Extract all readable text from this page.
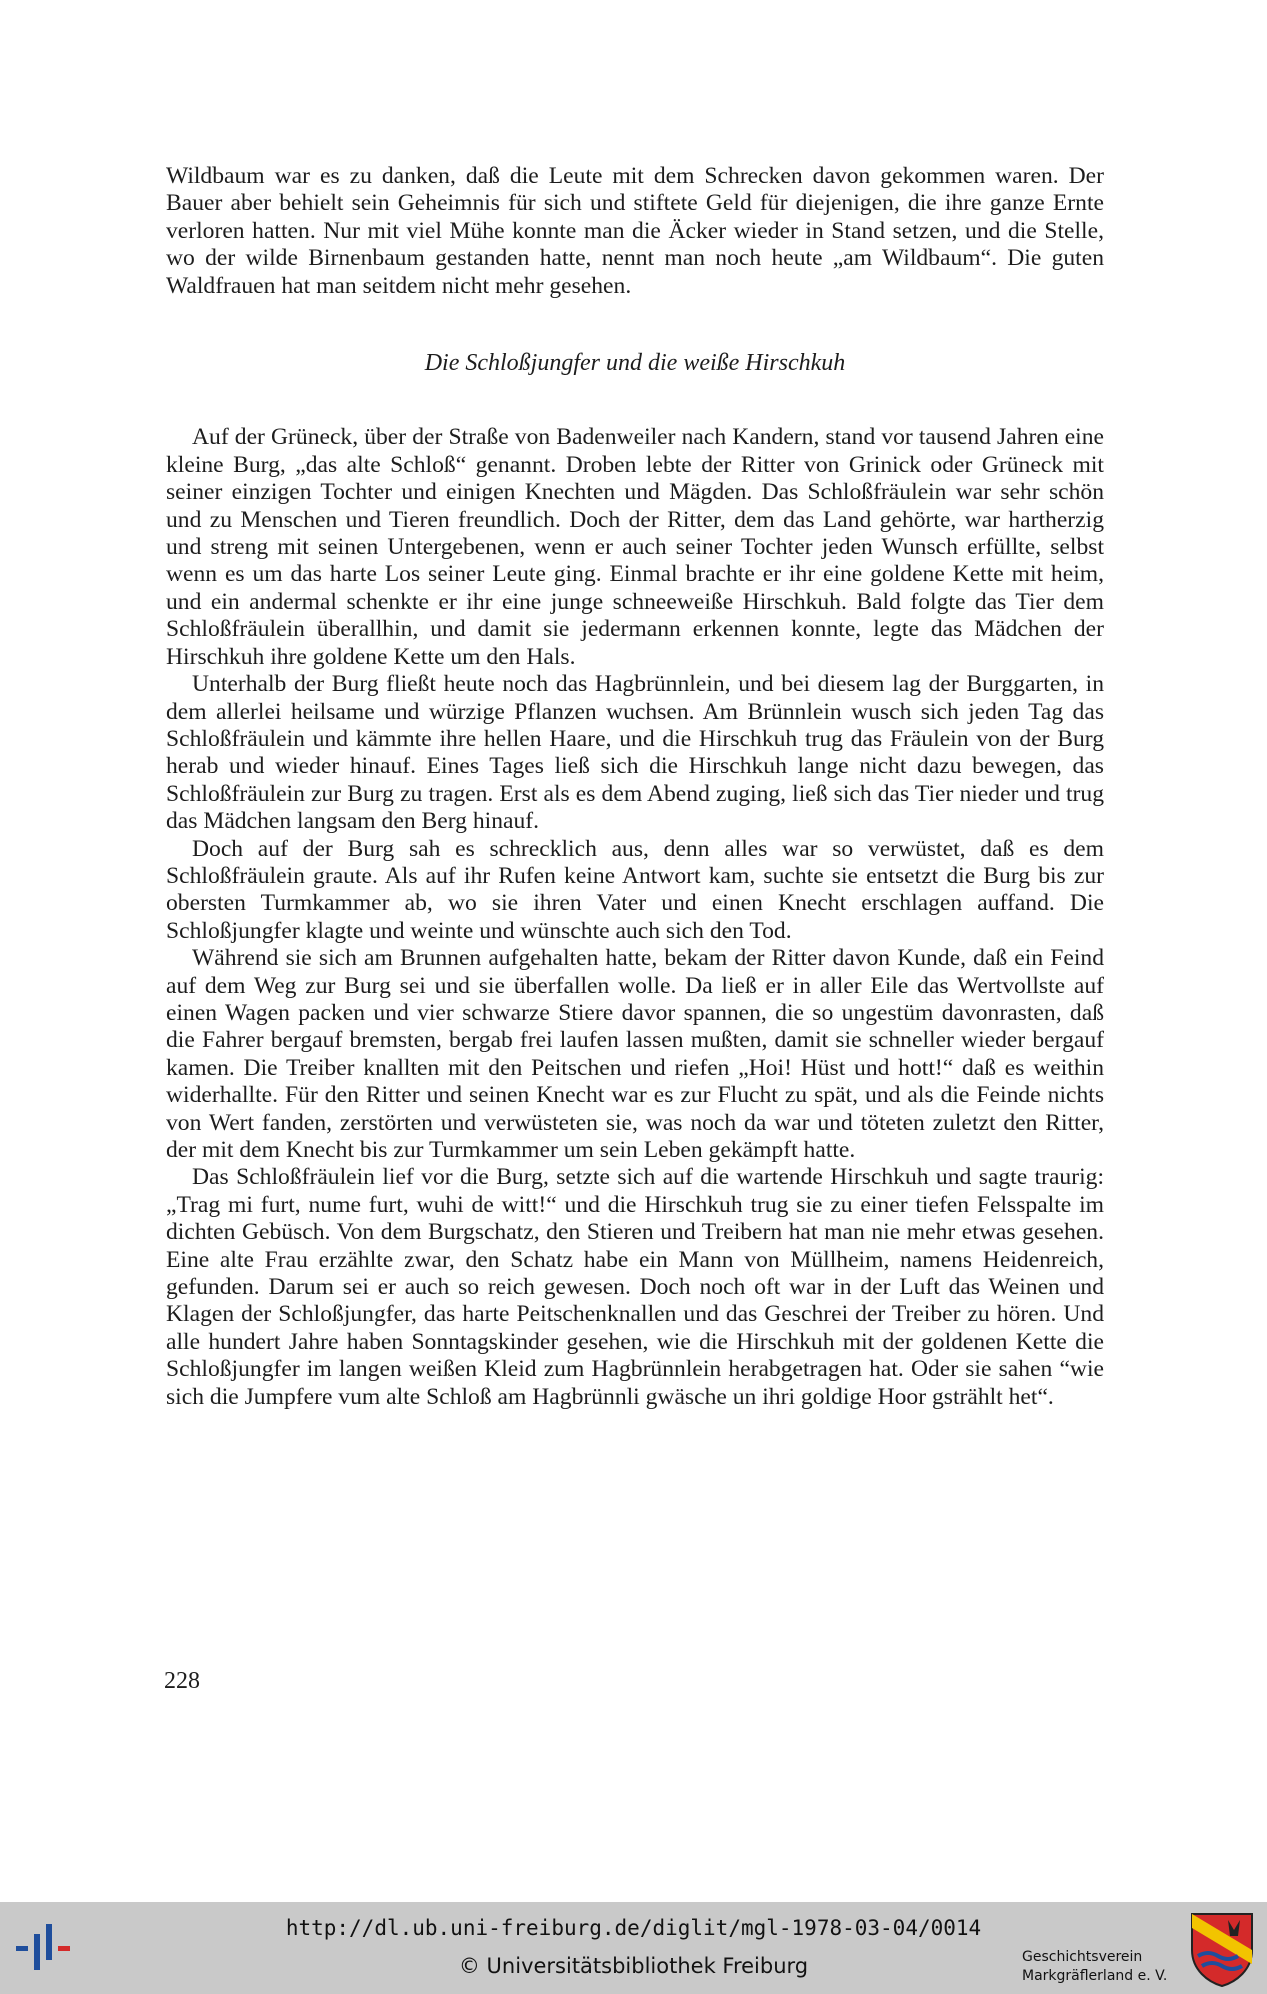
Wildbaum war es zu danken, daß die Leute mit dem Schrecken davon gekommen waren. Der Bauer aber behielt sein Geheimnis für sich und stiftete Geld für diejenigen, die ihre ganze Ernte verloren hatten. Nur mit viel Mühe konnte man die Äcker wieder in Stand setzen, und die Stelle, wo der wilde Birnenbaum gestanden hatte, nennt man noch heute „am Wildbaum“. Die guten Waldfrauen hat man seitdem nicht mehr gesehen.

Die Schloßjungfer und die weiße Hirschkuh

Auf der Grüneck, über der Straße von Badenweiler nach Kandern, stand vor tausend Jahren eine kleine Burg, „das alte Schloß“ genannt. Droben lebte der Ritter von Grinick oder Grüneck mit seiner einzigen Tochter und einigen Knechten und Mägden. Das Schloßfräulein war sehr schön und zu Menschen und Tieren freundlich. Doch der Ritter, dem das Land gehörte, war hartherzig und streng mit seinen Untergebenen, wenn er auch seiner Tochter jeden Wunsch erfüllte, selbst wenn es um das harte Los seiner Leute ging. Einmal brachte er ihr eine goldene Kette mit heim, und ein andermal schenkte er ihr eine junge schneeweiße Hirschkuh. Bald folgte das Tier dem Schloßfräulein überallhin, und damit sie jedermann erkennen konnte, legte das Mädchen der Hirschkuh ihre goldene Kette um den Hals.

Unterhalb der Burg fließt heute noch das Hagbrünnlein, und bei diesem lag der Burggarten, in dem allerlei heilsame und würzige Pflanzen wuchsen. Am Brünnlein wusch sich jeden Tag das Schloßfräulein und kämmte ihre hellen Haare, und die Hirschkuh trug das Fräulein von der Burg herab und wieder hinauf. Eines Tages ließ sich die Hirschkuh lange nicht dazu bewegen, das Schloßfräulein zur Burg zu tragen. Erst als es dem Abend zuging, ließ sich das Tier nieder und trug das Mädchen langsam den Berg hinauf.

Doch auf der Burg sah es schrecklich aus, denn alles war so verwüstet, daß es dem Schloßfräulein graute. Als auf ihr Rufen keine Antwort kam, suchte sie entsetzt die Burg bis zur obersten Turmkammer ab, wo sie ihren Vater und einen Knecht erschlagen auffand. Die Schloßjungfer klagte und weinte und wünschte auch sich den Tod.

Während sie sich am Brunnen aufgehalten hatte, bekam der Ritter davon Kunde, daß ein Feind auf dem Weg zur Burg sei und sie überfallen wolle. Da ließ er in aller Eile das Wertvollste auf einen Wagen packen und vier schwarze Stiere davor spannen, die so ungestüm davonrasten, daß die Fahrer bergauf bremsten, bergab frei laufen lassen mußten, damit sie schneller wieder bergauf kamen. Die Treiber knallten mit den Peitschen und riefen „Hoi! Hüst und hott!“ daß es weithin widerhallte. Für den Ritter und seinen Knecht war es zur Flucht zu spät, und als die Feinde nichts von Wert fanden, zerstörten und verwüsteten sie, was noch da war und töteten zuletzt den Ritter, der mit dem Knecht bis zur Turmkammer um sein Leben gekämpft hatte.

Das Schloßfräulein lief vor die Burg, setzte sich auf die wartende Hirschkuh und sagte traurig: „Trag mi furt, nume furt, wuhi de witt!“ und die Hirschkuh trug sie zu einer tiefen Felsspalte im dichten Gebüsch. Von dem Burgschatz, den Stieren und Treibern hat man nie mehr etwas gesehen. Eine alte Frau erzählte zwar, den Schatz habe ein Mann von Müllheim, namens Heidenreich, gefunden. Darum sei er auch so reich gewesen. Doch noch oft war in der Luft das Weinen und Klagen der Schloßjungfer, das harte Peitschenknallen und das Geschrei der Treiber zu hören. Und alle hundert Jahre haben Sonntagskinder gesehen, wie die Hirschkuh mit der goldenen Kette die Schloßjungfer im langen weißen Kleid zum Hagbrünnlein herabgetragen hat. Oder sie sahen “wie sich die Jumpfere vum alte Schloß am Hagbrünnli gwäsche un ihri goldige Hoor gstrählt het“.

228
http://dl.ub.uni-freiburg.de/diglit/mgl-1978-03-04/0014
© Universitätsbibliothek Freiburg	Geschichtsverein
Markgräflerland e. V.
